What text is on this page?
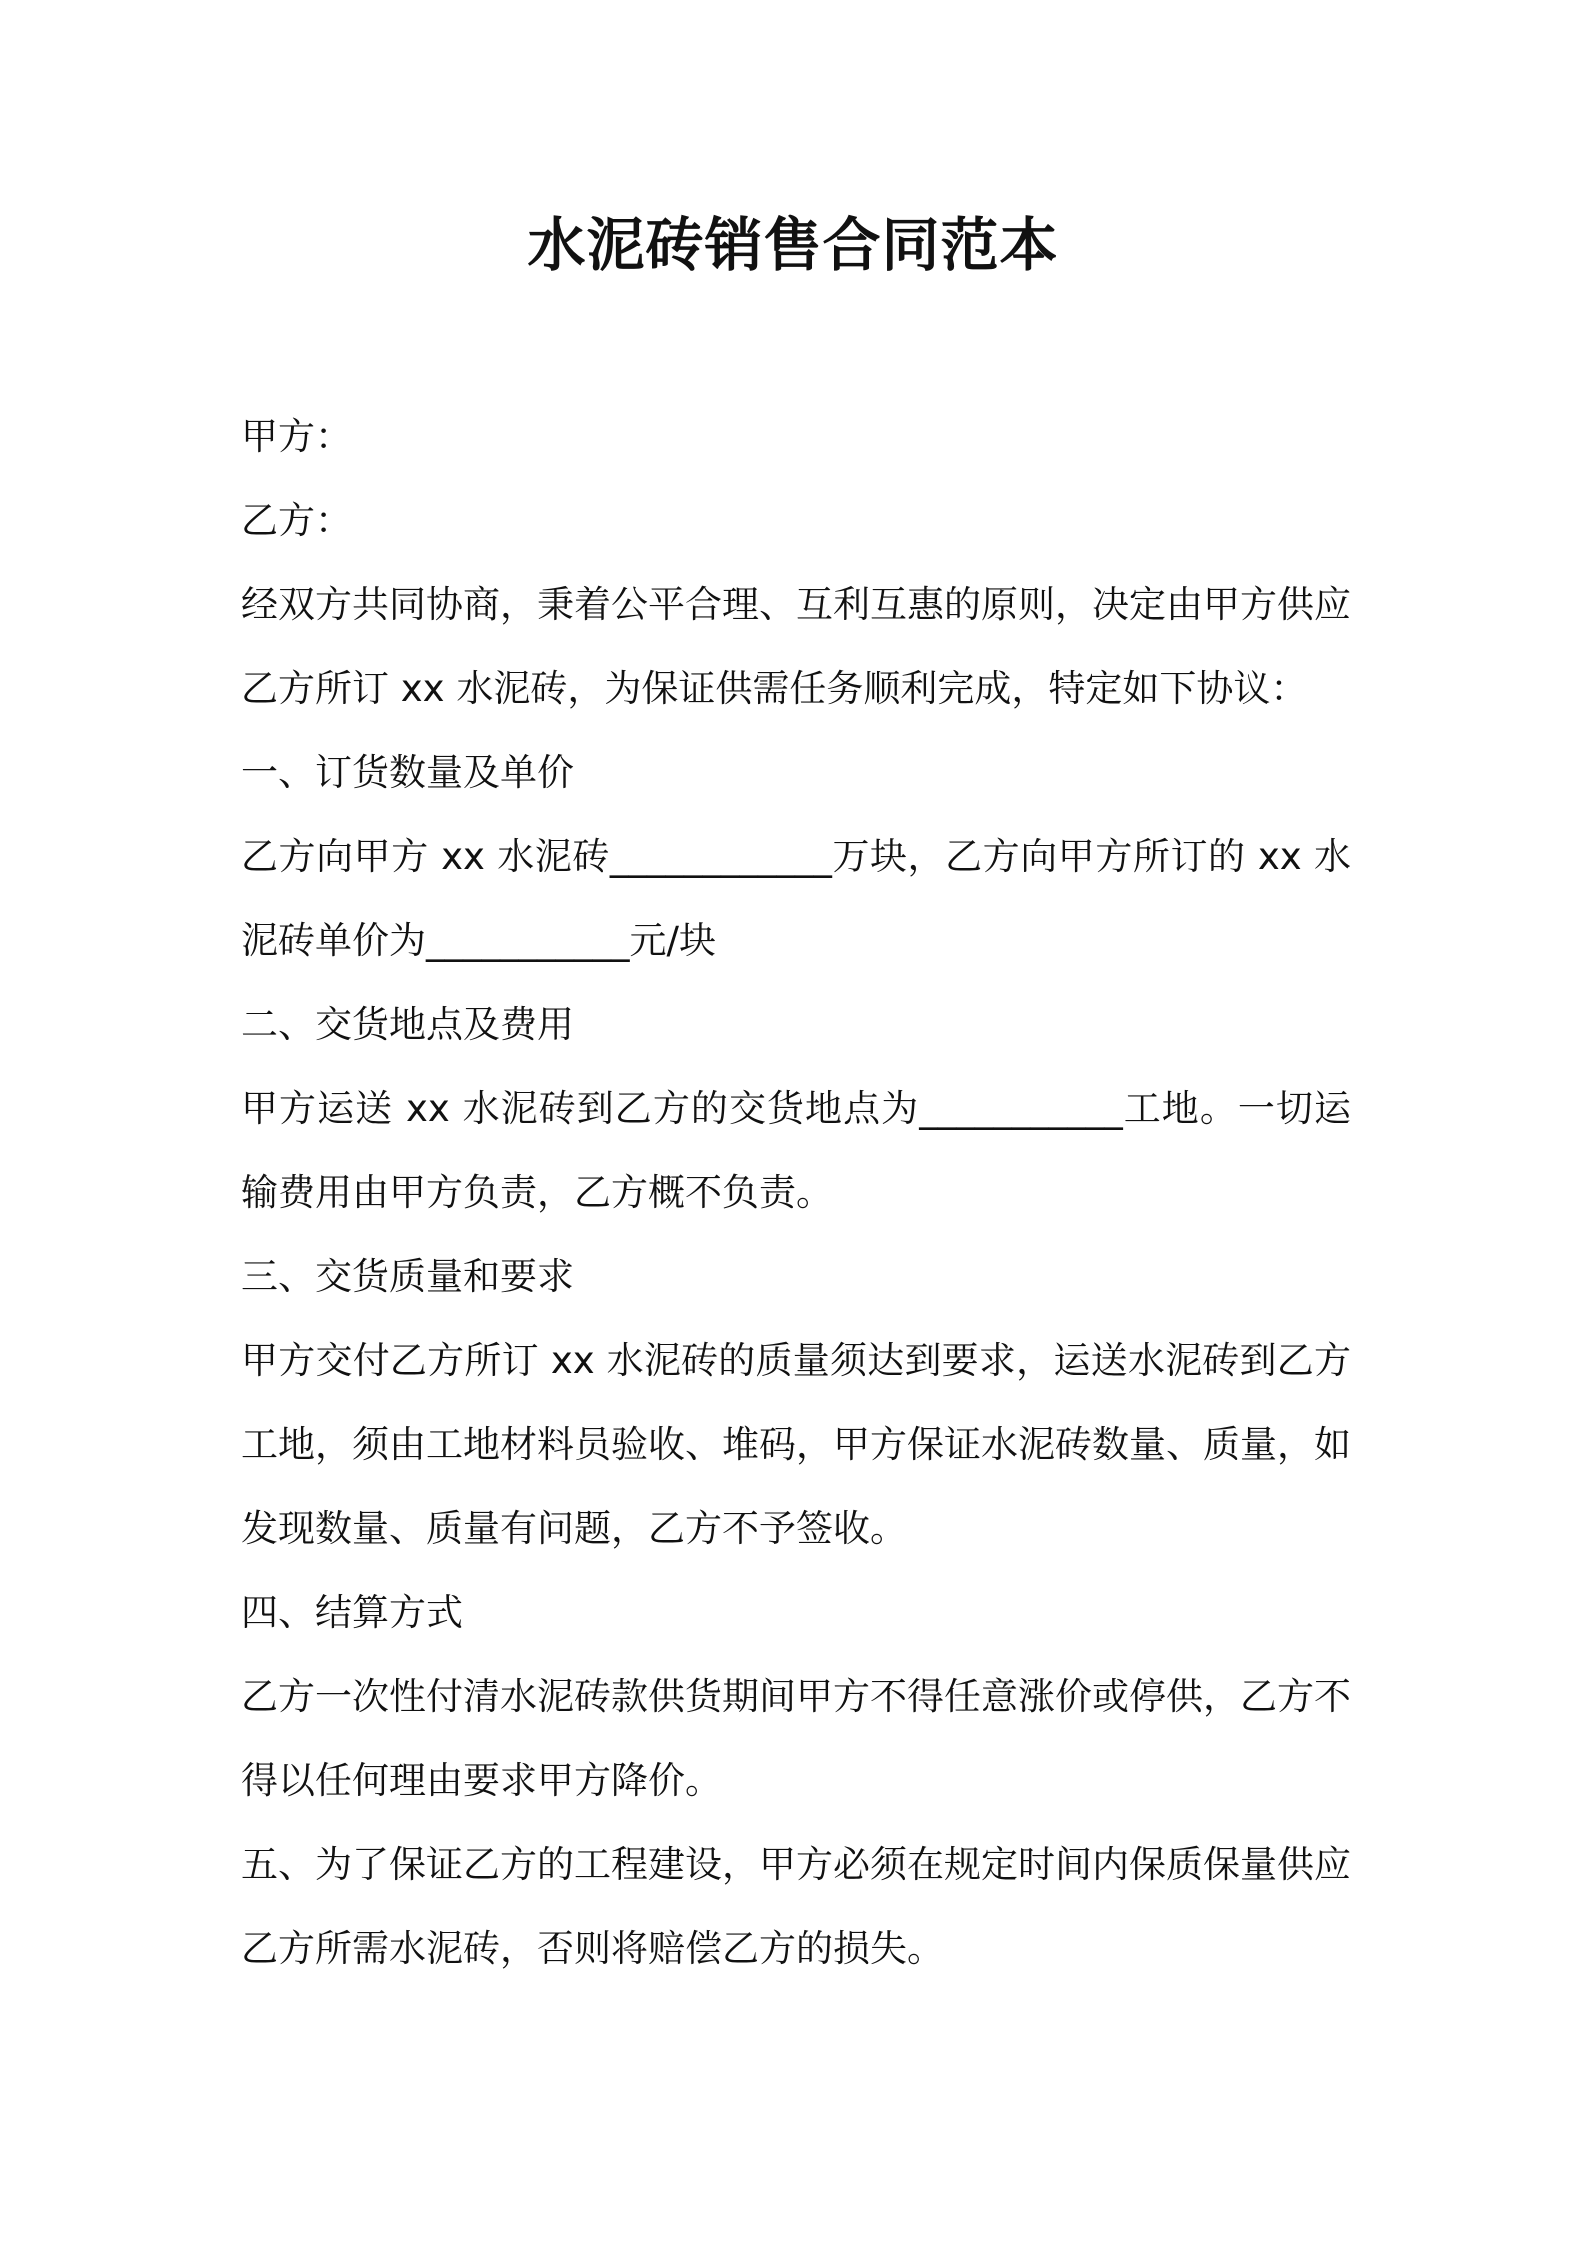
水泥砖销售合同范本

甲方：

乙方：

经双方共同协商，秉着公平合理、互利互惠的原则，决定由甲方供应

乙方所订 xx 水泥砖，为保证供需任务顺利完成，特定如下协议：

一、订货数量及单价

乙方向甲方 xx 水泥砖____________万块，乙方向甲方所订的 xx 水

泥砖单价为___________元/块

二、交货地点及费用

甲方运送 xx 水泥砖到乙方的交货地点为___________工地。一切运

输费用由甲方负责，乙方概不负责。

三、交货质量和要求

甲方交付乙方所订 xx 水泥砖的质量须达到要求，运送水泥砖到乙方

工地，须由工地材料员验收、堆码，甲方保证水泥砖数量、质量，如

发现数量、质量有问题，乙方不予签收。

四、结算方式

乙方一次性付清水泥砖款供货期间甲方不得任意涨价或停供，乙方不

得以任何理由要求甲方降价。

五、为了保证乙方的工程建设，甲方必须在规定时间内保质保量供应

乙方所需水泥砖，否则将赔偿乙方的损失。
